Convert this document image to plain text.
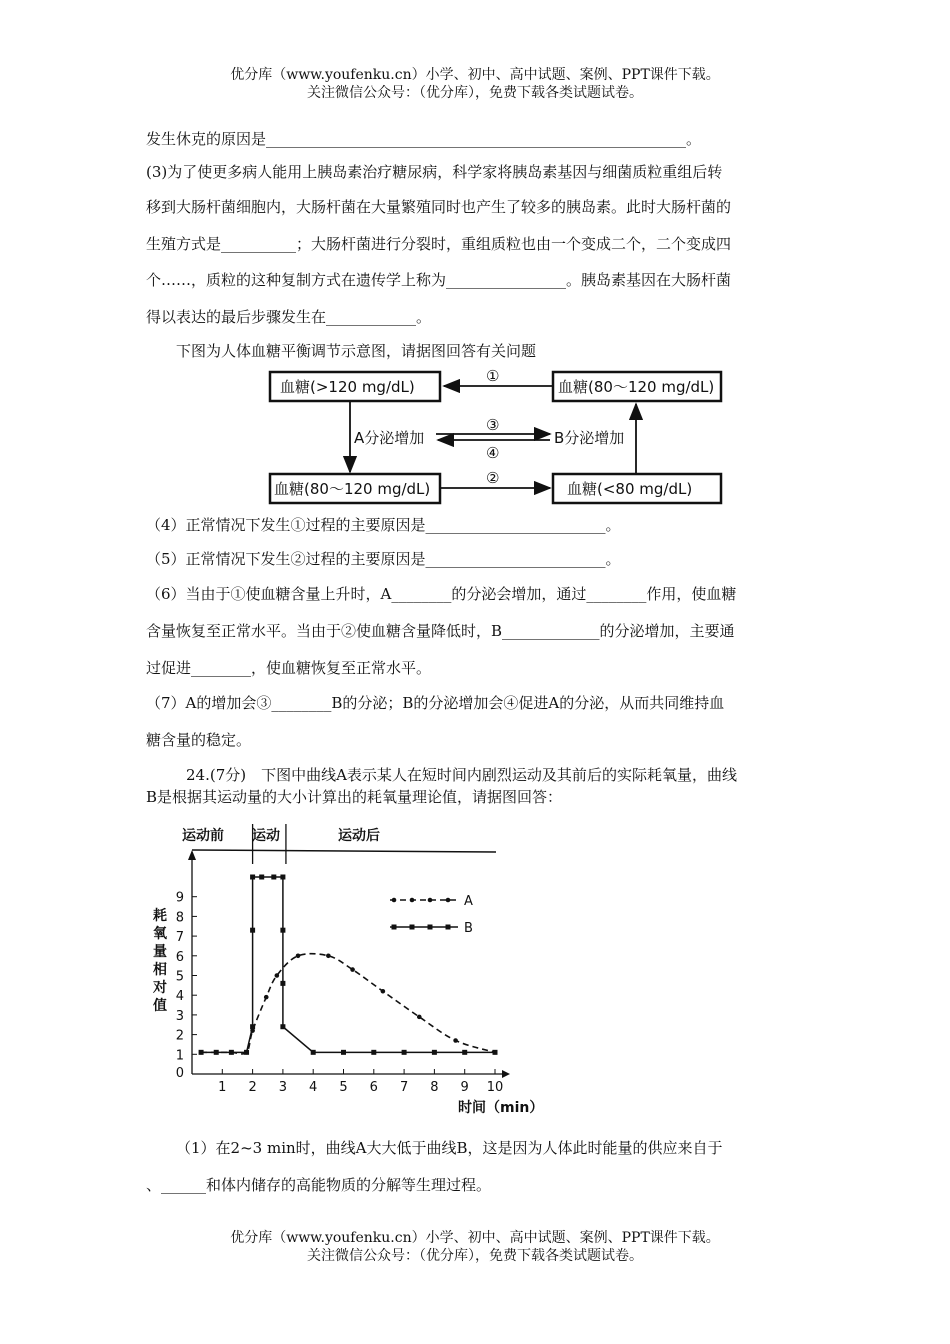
优分库（www.youfenku.cn）小学、初中、高中试题、案例、PPT课件下载。

关注微信公众号：（优分库），免费下载各类试题试卷。

发生休克的原因是________________________________________________________。
(3)为了使更多病人能用上胰岛素治疗糖尿病，科学家将胰岛素基因与细菌质粒重组后转
移到大肠杆菌细胞内，大肠杆菌在大量繁殖同时也产生了较多的胰岛素。此时大肠杆菌的
生殖方式是__________；大肠杆菌进行分裂时，重组质粒也由一个变成二个，二个变成四
个……，质粒的这种复制方式在遗传学上称为________________。胰岛素基因在大肠杆菌
得以表达的最后步骤发生在____________。
下图为人体血糖平衡调节示意图，请据图回答有关问题
血糖(>120 mg/dL)	血糖(80～120 mg/dL)
血糖(80～120 mg/dL)	血糖(<80 mg/dL)
A分泌增加	B分泌增加
①
③
④
②
（4）正常情况下发生①过程的主要原因是________________________。
（5）正常情况下发生②过程的主要原因是________________________。
（6）当由于①使血糖含量上升时，A________的分泌会增加，通过________作用，使血糖
含量恢复至正常水平。当由于②使血糖含量降低时，B_____________的分泌增加，主要通
过促进________，使血糖恢复至正常水平。
（7）A的增加会③________B的分泌；B的分泌增加会④促进A的分泌，从而共同维持血
糖含量的稳定。
24.(7分)　下图中曲线A表示某人在短时间内剧烈运动及其前后的实际耗氧量，曲线
B是根据其运动量的大小计算出的耗氧量理论值，请据图回答：
运动前 运动	运动后
1 2 3 4 5 6 7 8 9 10
0
1
2
3
4
5
6
7
8
9
耗
氧
量
相
对
值
时间（min）
A
B
（1）在2~3 min时，曲线A大大低于曲线B，这是因为人体此时能量的供应来自于
、______和体内储存的高能物质的分解等生理过程。

优分库（www.youfenku.cn）小学、初中、高中试题、案例、PPT课件下载。

关注微信公众号：（优分库），免费下载各类试题试卷。
